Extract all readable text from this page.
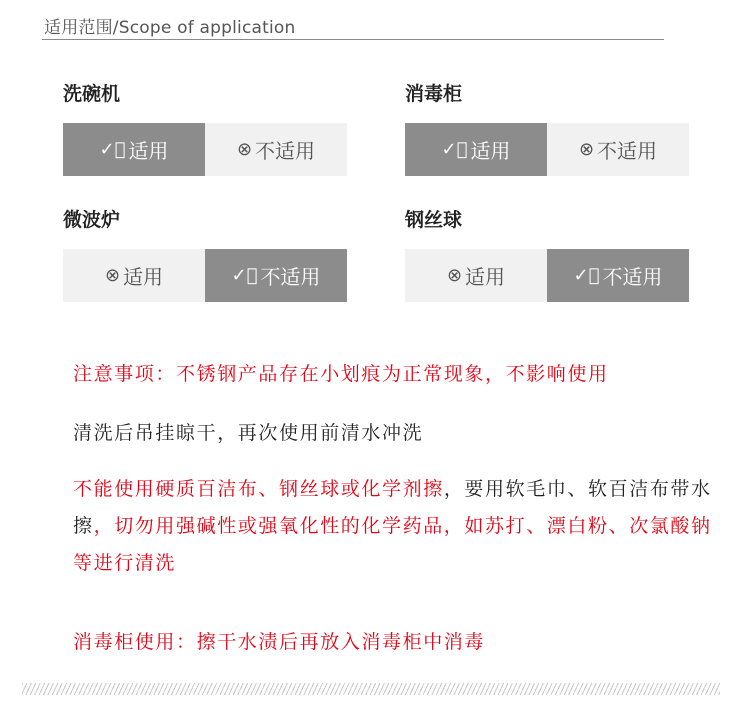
适用范围/Scope of application
洗碗机
✓⃝ 适用	⊗ 不适用
消毒柜
✓⃝ 适用	⊗ 不适用
微波炉
⊗ 适用	✓⃝ 不适用
钢丝球
⊗ 适用	✓⃝ 不适用
注意事项：不锈钢产品存在小划痕为正常现象，不影响使用
清洗后吊挂晾干，再次使用前清水冲洗
不能使用硬质百洁布、钢丝球或化学剂擦，要用软毛巾、软百洁布带水擦，切勿用强碱性或强氧化性的化学药品，如苏打、漂白粉、次氯酸钠等进行清洗
消毒柜使用：擦干水渍后再放入消毒柜中消毒
